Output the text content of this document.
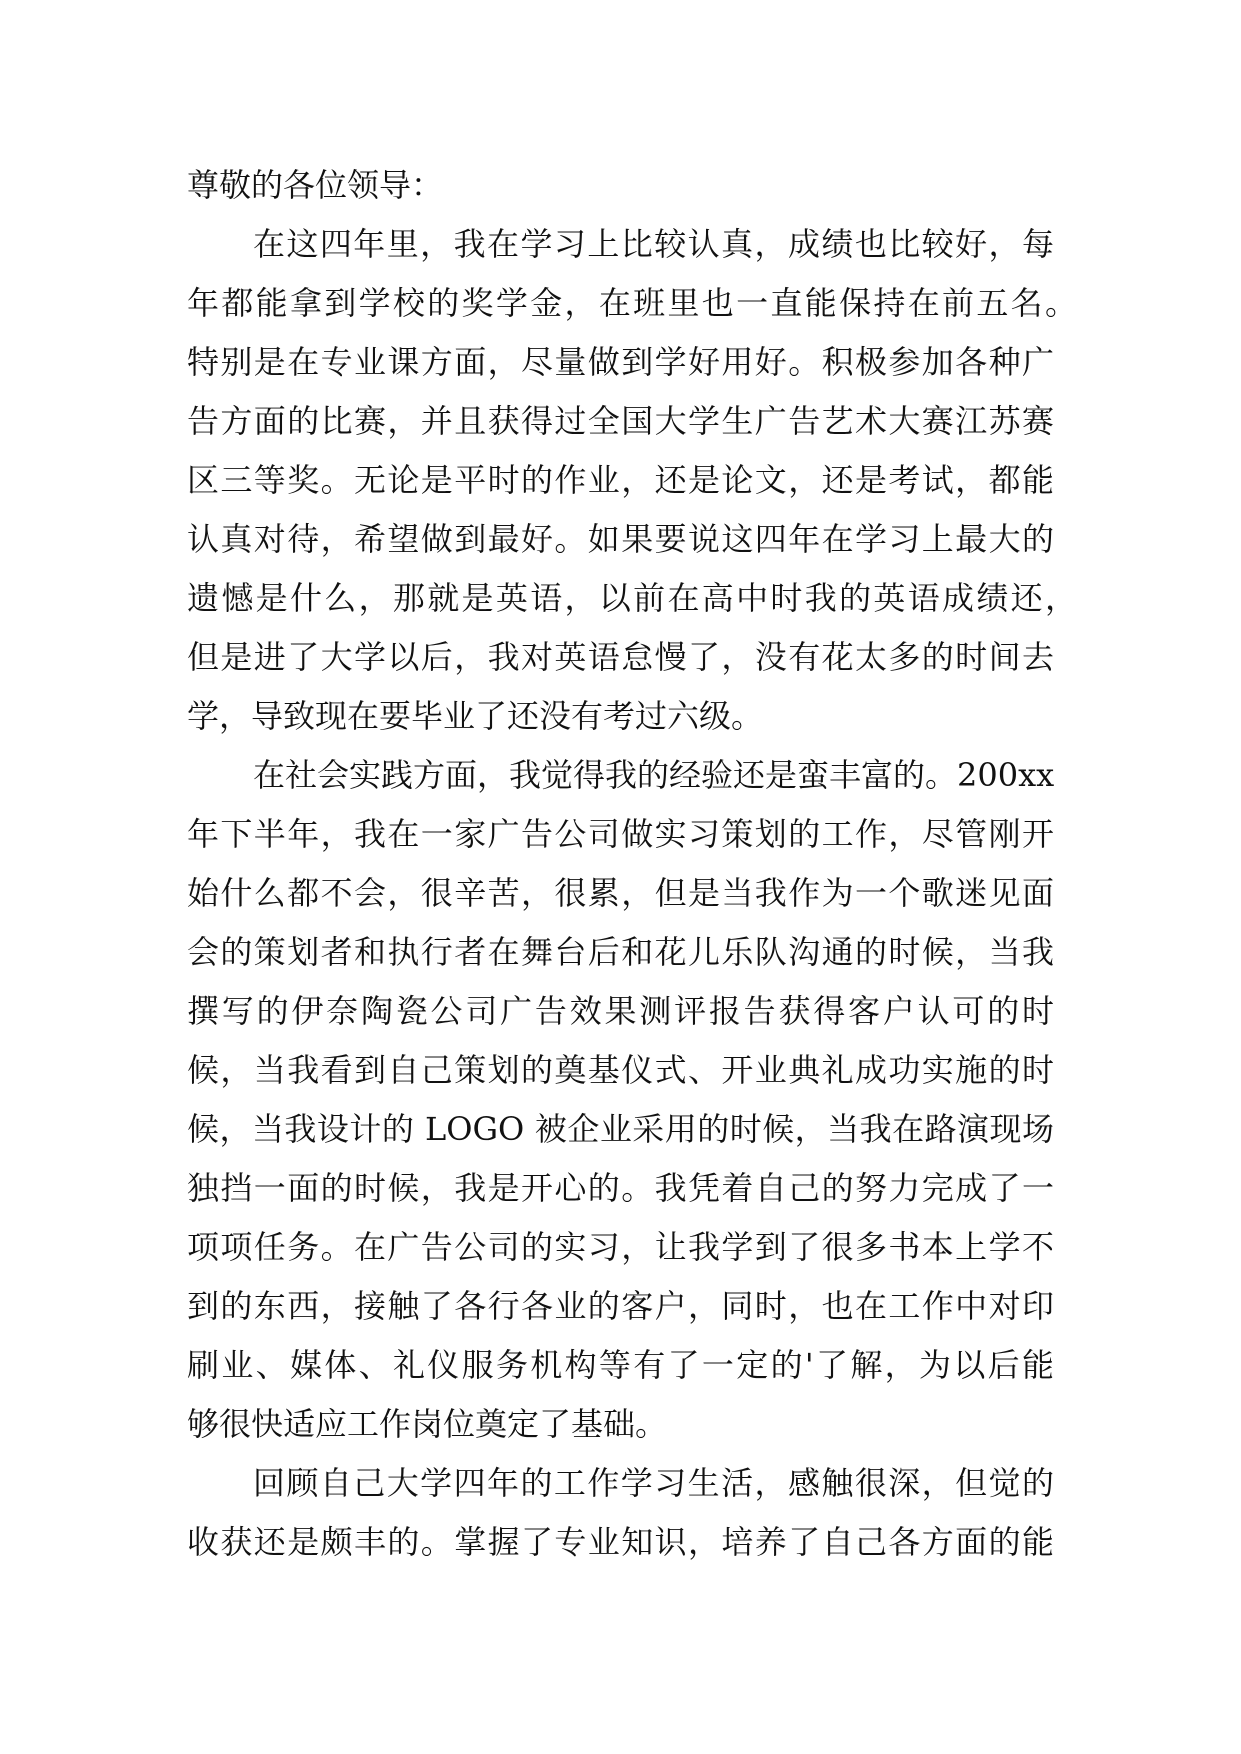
尊敬的各位领导：
在这四年里，我在学习上比较认真，成绩也比较好，每
年都能拿到学校的奖学金，在班里也一直能保持在前五名。
特别是在专业课方面，尽量做到学好用好。积极参加各种广
告方面的比赛，并且获得过全国大学生广告艺术大赛江苏赛
区三等奖。无论是平时的作业，还是论文，还是考试，都能
认真对待，希望做到最好。如果要说这四年在学习上最大的
遗憾是什么，那就是英语，以前在高中时我的英语成绩还，
但是进了大学以后，我对英语怠慢了，没有花太多的时间去
学，导致现在要毕业了还没有考过六级。
在社会实践方面，我觉得我的经验还是蛮丰富的。200xx
年下半年，我在一家广告公司做实习策划的工作，尽管刚开
始什么都不会，很辛苦，很累，但是当我作为一个歌迷见面
会的策划者和执行者在舞台后和花儿乐队沟通的时候，当我
撰写的伊奈陶瓷公司广告效果测评报告获得客户认可的时
候，当我看到自己策划的奠基仪式、开业典礼成功实施的时
候，当我设计的 LOGO 被企业采用的时候，当我在路演现场
独挡一面的时候，我是开心的。我凭着自己的努力完成了一
项项任务。在广告公司的实习，让我学到了很多书本上学不
到的东西，接触了各行各业的客户，同时，也在工作中对印
刷业、媒体、礼仪服务机构等有了一定的'了解，为以后能
够很快适应工作岗位奠定了基础。
回顾自己大学四年的工作学习生活，感触很深，但觉的
收获还是颇丰的。掌握了专业知识，培养了自己各方面的能
